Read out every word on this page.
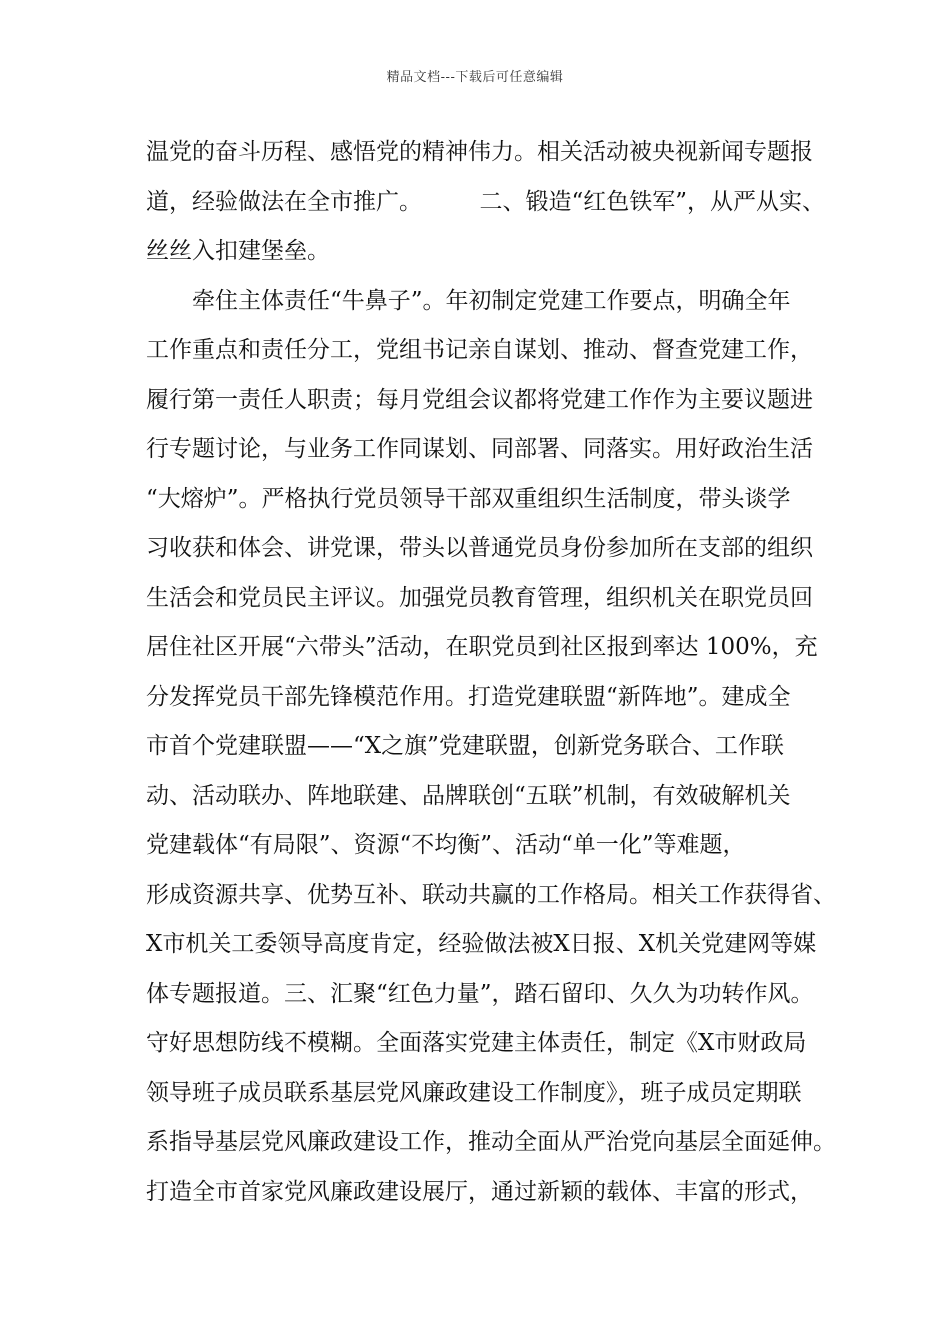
精品文档---下载后可任意编辑
温党的奋斗历程、感悟党的精神伟力。相关活动被央视新闻专题报
道，经验做法在全市推广。　　　二、锻造“红色铁军”，从严从实、
丝丝入扣建堡垒。
　　牵住主体责任“牛鼻子”。年初制定党建工作要点，明确全年
工作重点和责任分工，党组书记亲自谋划、推动、督查党建工作，
履行第一责任人职责；每月党组会议都将党建工作作为主要议题进
行专题讨论，与业务工作同谋划、同部署、同落实。用好政治生活
“大熔炉”。严格执行党员领导干部双重组织生活制度，带头谈学
习收获和体会、讲党课，带头以普通党员身份参加所在支部的组织
生活会和党员民主评议。加强党员教育管理，组织机关在职党员回
居住社区开展“六带头”活动，在职党员到社区报到率达 100%，充
分发挥党员干部先锋模范作用。打造党建联盟“新阵地”。建成全
市首个党建联盟——“X之旗”党建联盟，创新党务联合、工作联
动、活动联办、阵地联建、品牌联创“五联”机制，有效破解机关
党建载体“有局限”、资源“不均衡”、活动“单一化”等难题，
形成资源共享、优势互补、联动共赢的工作格局。相关工作获得省、
X市机关工委领导高度肯定，经验做法被X日报、X机关党建网等媒
体专题报道。三、汇聚“红色力量”，踏石留印、久久为功转作风。
守好思想防线不模糊。全面落实党建主体责任，制定《X市财政局
领导班子成员联系基层党风廉政建设工作制度》，班子成员定期联
系指导基层党风廉政建设工作，推动全面从严治党向基层全面延伸。
打造全市首家党风廉政建设展厅，通过新颖的载体、丰富的形式，
